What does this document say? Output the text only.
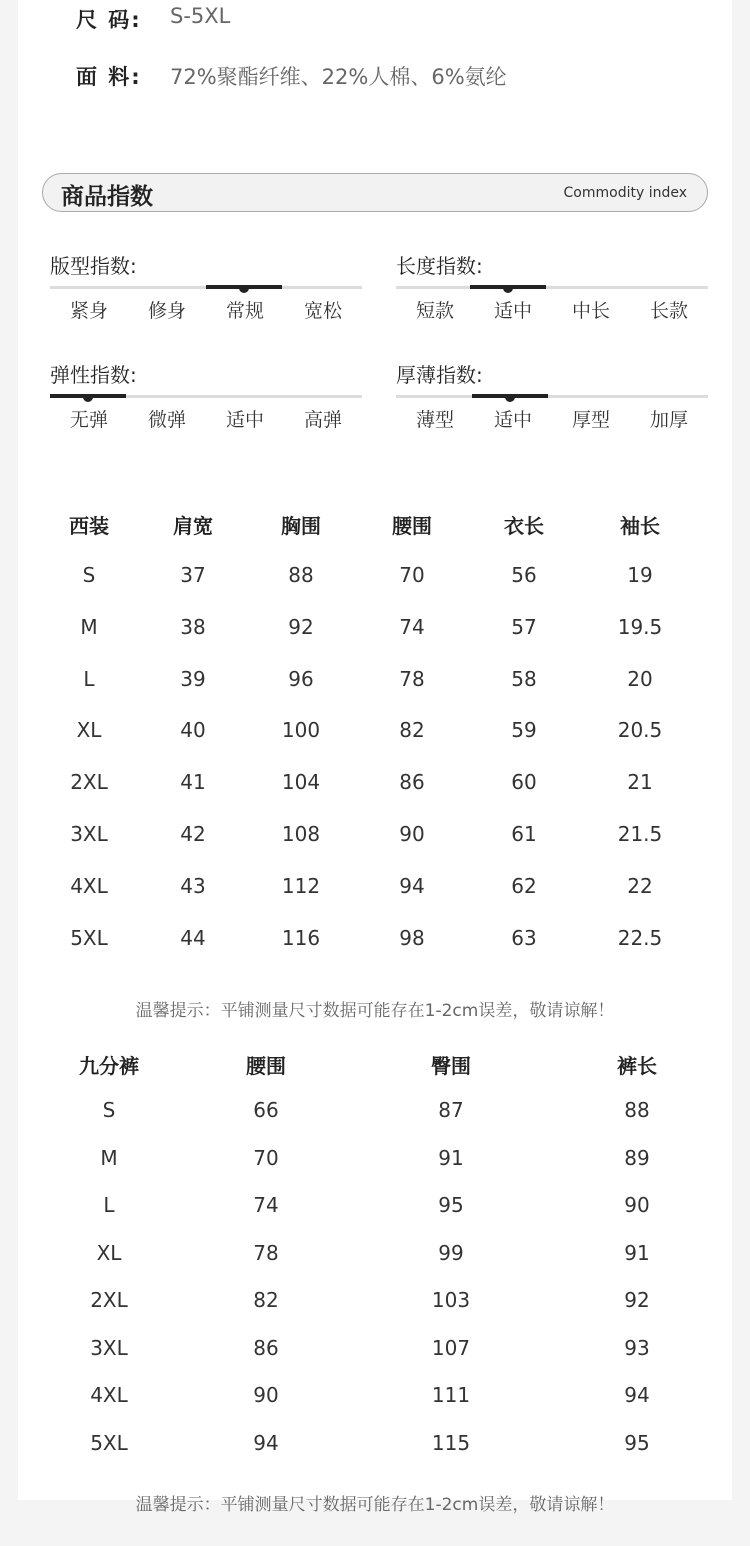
尺 码:	S-5XL
面 料:	72%聚酯纤维、22%人棉、6%氨纶
商品指数	Commodity index
版型指数:
紧身	修身	常规	宽松
长度指数:
短款	适中	中长	长款
弹性指数:
无弹	微弹	适中	高弹
厚薄指数:
薄型	适中	厚型	加厚
西装	肩宽	胸围	腰围	衣长	袖长
S	37	88	70	56	19
M	38	92	74	57	19.5
L	39	96	78	58	20
XL	40	100	82	59	20.5
2XL	41	104	86	60	21
3XL	42	108	90	61	21.5
4XL	43	112	94	62	22
5XL	44	116	98	63	22.5
温馨提示：平铺测量尺寸数据可能存在1-2cm误差，敬请谅解！
九分裤	腰围	臀围	裤长
S	66	87	88
M	70	91	89
L	74	95	90
XL	78	99	91
2XL	82	103	92
3XL	86	107	93
4XL	90	111	94
5XL	94	115	95
温馨提示：平铺测量尺寸数据可能存在1-2cm误差，敬请谅解！
